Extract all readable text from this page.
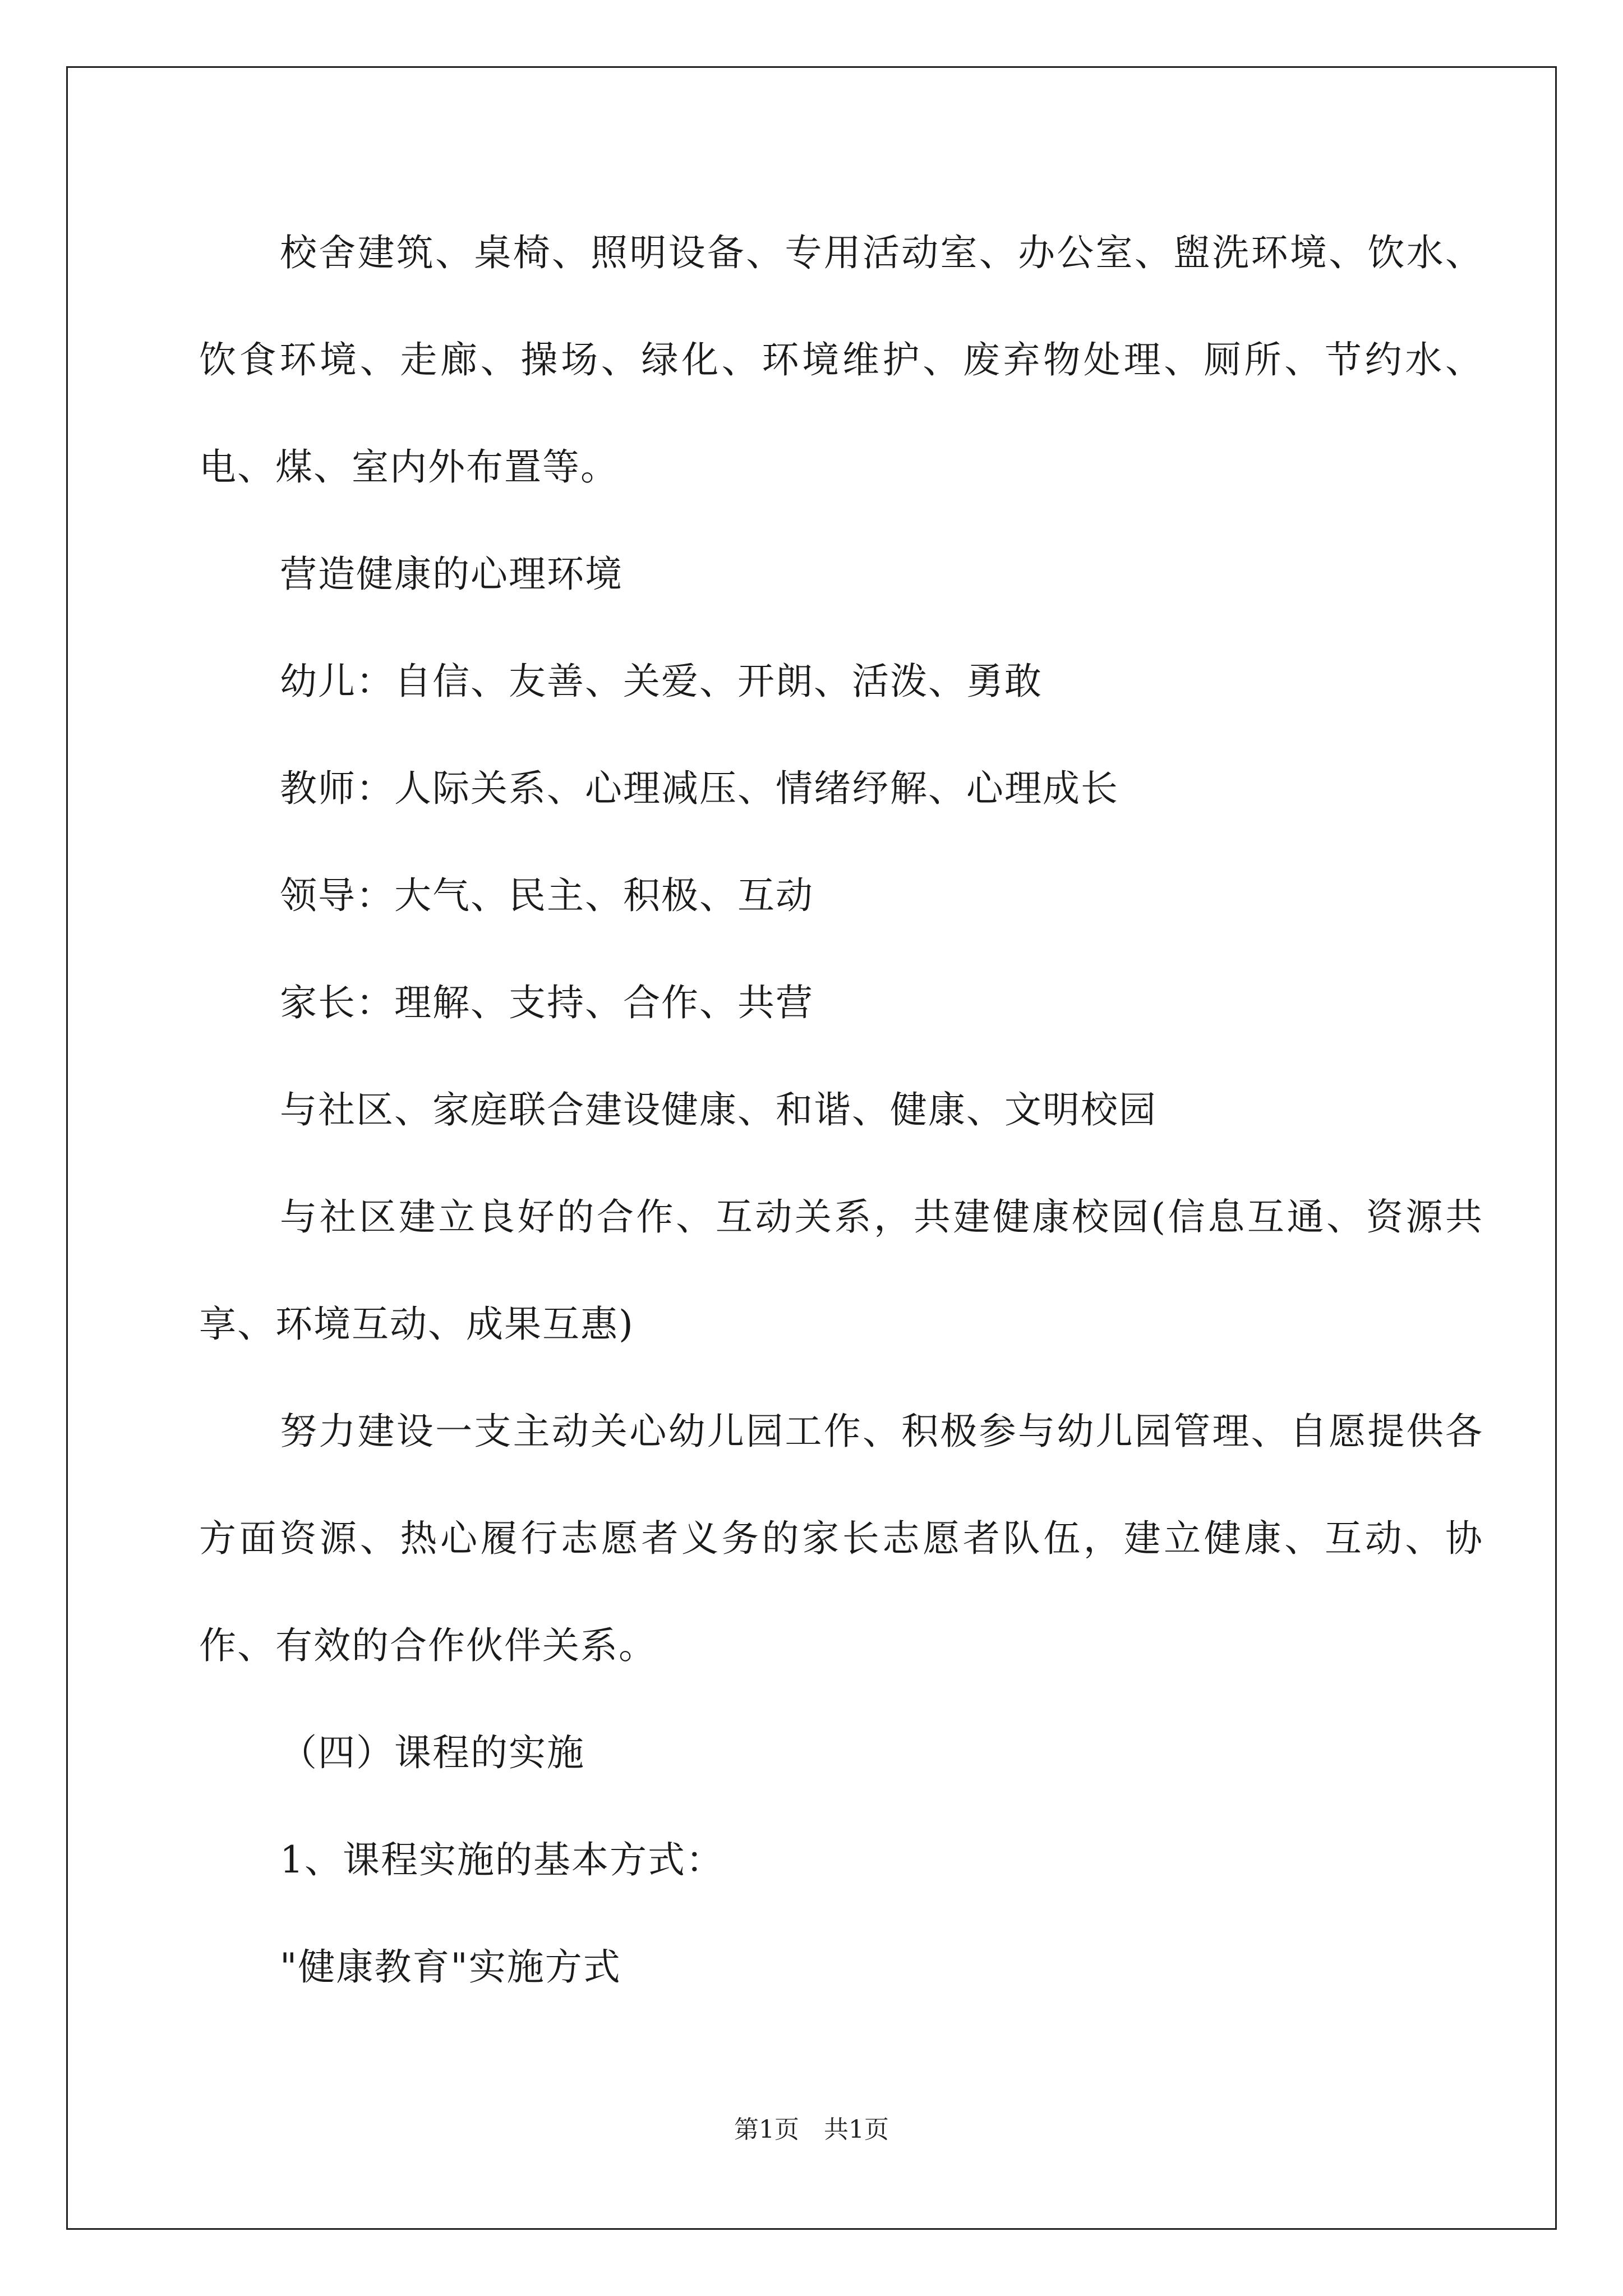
校舍建筑、桌椅、照明设备、专用活动室、办公室、盥洗环境、饮水、饮食环境、走廊、操场、绿化、环境维护、废弃物处理、厕所、节约水、电、煤、室内外布置等。

营造健康的心理环境

幼儿：自信、友善、关爱、开朗、活泼、勇敢

教师：人际关系、心理减压、情绪纾解、心理成长

领导：大气、民主、积极、互动

家长：理解、支持、合作、共营

与社区、家庭联合建设健康、和谐、健康、文明校园

与社区建立良好的合作、互动关系，共建健康校园(信息互通、资源共享、环境互动、成果互惠)

努力建设一支主动关心幼儿园工作、积极参与幼儿园管理、自愿提供各方面资源、热心履行志愿者义务的家长志愿者队伍，建立健康、互动、协作、有效的合作伙伴关系。

（四）课程的实施

1、课程实施的基本方式：

"健康教育"实施方式

第1页　共1页
